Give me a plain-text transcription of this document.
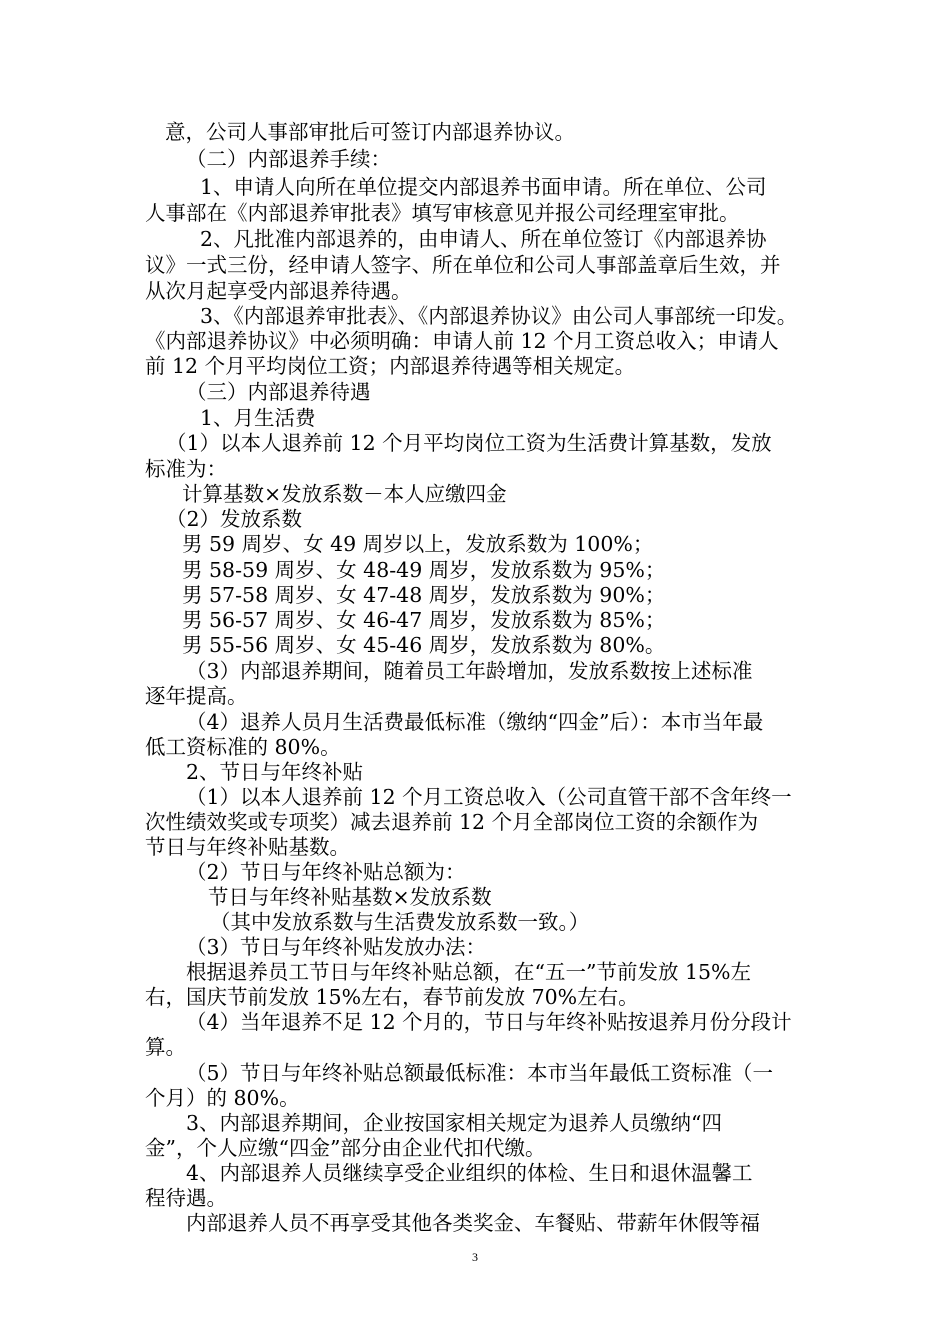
意，公司人事部审批后可签订内部退养协议。
（二）内部退养手续：
1、申请人向所在单位提交内部退养书面申请。所在单位、公司
人事部在《内部退养审批表》填写审核意见并报公司经理室审批。
2、凡批准内部退养的，由申请人、所在单位签订《内部退养协
议》一式三份，经申请人签字、所在单位和公司人事部盖章后生效，并
从次月起享受内部退养待遇。
3、《内部退养审批表》、《内部退养协议》由公司人事部统一印发。
《内部退养协议》中必须明确：申请人前 12 个月工资总收入；申请人
前 12 个月平均岗位工资；内部退养待遇等相关规定。
（三）内部退养待遇
1、月生活费
（1）以本人退养前 12 个月平均岗位工资为生活费计算基数，发放
标准为：
计算基数×发放系数－本人应缴四金
（2）发放系数
男 59 周岁、女 49 周岁以上，发放系数为 100%；
男 58-59 周岁、女 48-49 周岁，发放系数为 95%；
男 57-58 周岁、女 47-48 周岁，发放系数为 90%；
男 56-57 周岁、女 46-47 周岁，发放系数为 85%；
男 55-56 周岁、女 45-46 周岁，发放系数为 80%。
（3）内部退养期间，随着员工年龄增加，发放系数按上述标准
逐年提高。
（4）退养人员月生活费最低标准（缴纳“四金”后）：本市当年最
低工资标准的 80%。
2、节日与年终补贴
（1）以本人退养前 12 个月工资总收入（公司直管干部不含年终一
次性绩效奖或专项奖）减去退养前 12 个月全部岗位工资的余额作为
节日与年终补贴基数。
（2）节日与年终补贴总额为：
节日与年终补贴基数×发放系数
（其中发放系数与生活费发放系数一致。）
（3）节日与年终补贴发放办法：
根据退养员工节日与年终补贴总额，在“五一”节前发放 15%左
右，国庆节前发放 15%左右，春节前发放 70%左右。
（4）当年退养不足 12 个月的，节日与年终补贴按退养月份分段计
算。
（5）节日与年终补贴总额最低标准：本市当年最低工资标准（一
个月）的 80%。
3、内部退养期间，企业按国家相关规定为退养人员缴纳“四
金”，个人应缴“四金”部分由企业代扣代缴。
4、内部退养人员继续享受企业组织的体检、生日和退休温馨工
程待遇。
内部退养人员不再享受其他各类奖金、车餐贴、带薪年休假等福
3
